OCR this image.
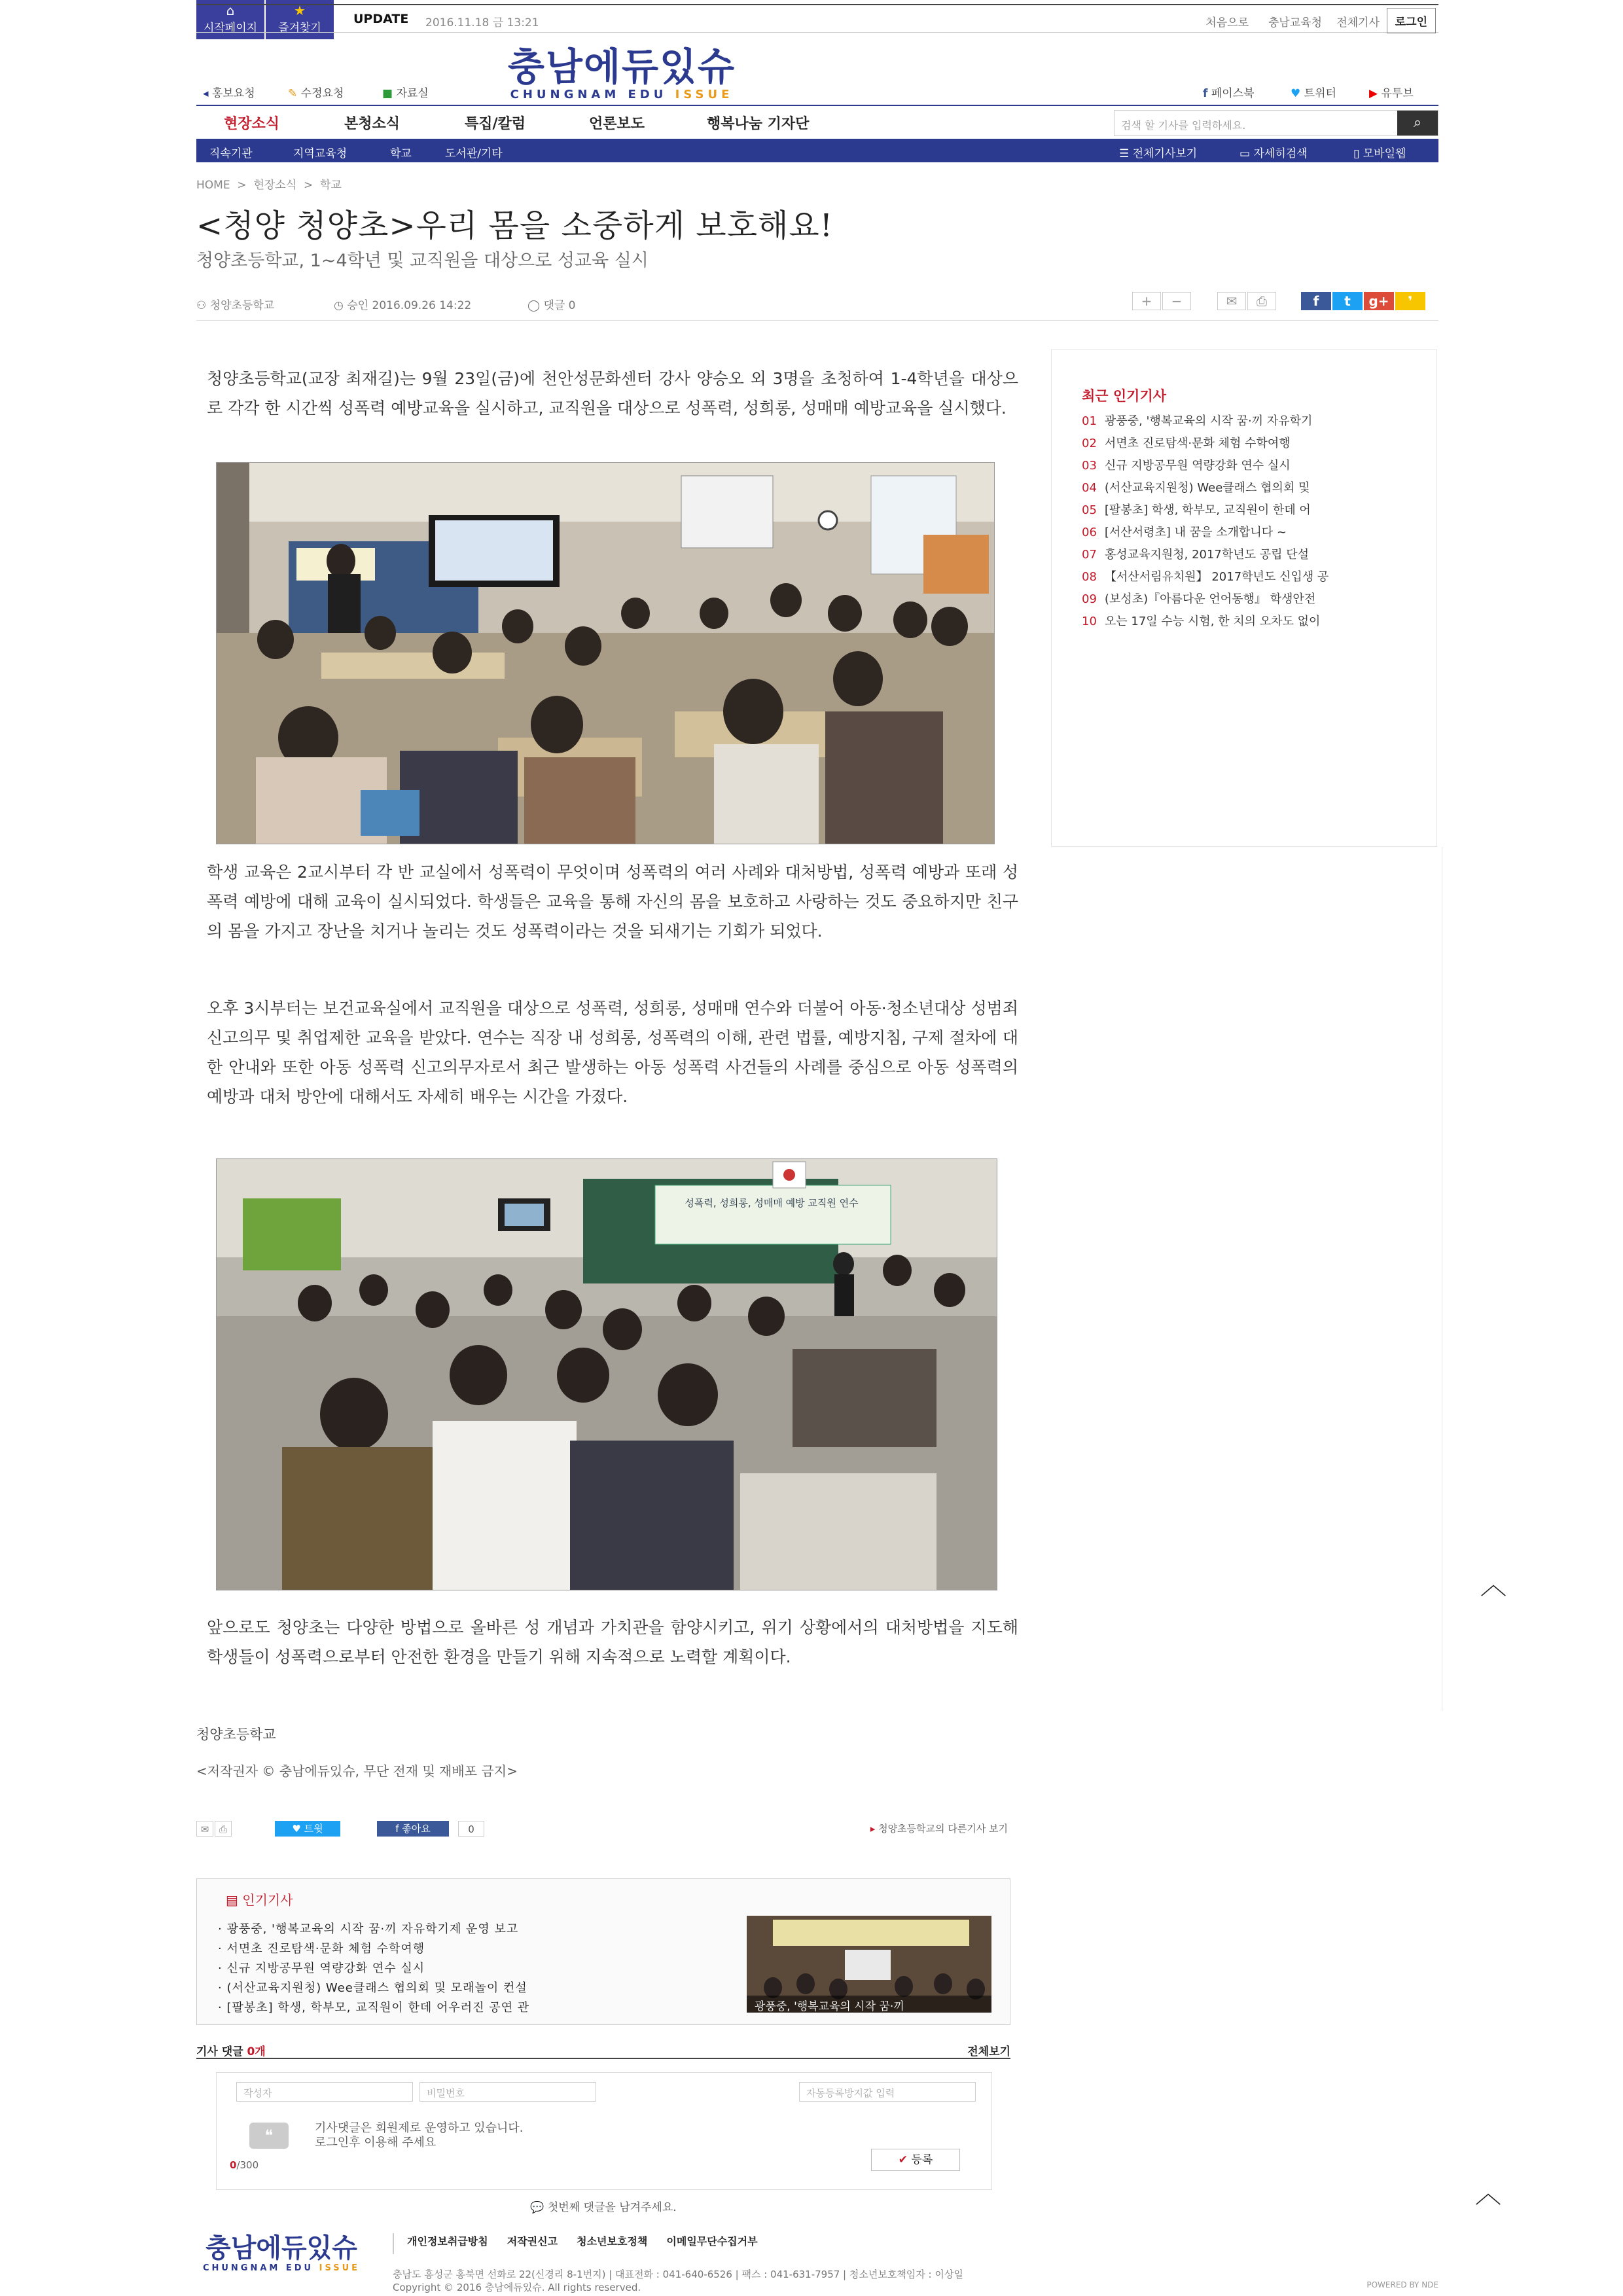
⌂
시작페이지
★
즐겨찾기
UPDATE 2016.11.18 금 13:21	처음으로 충남교육청 전체기사	로그인
충남에듀있슈
CHUNGNAM EDU ISSUE
◂ 홍보요청	✎ 수정요청	■ 자료실	f 페이스북	♥ 트위터	▶ 유투브
현장소식	본청소식	특집/칼럼	언론보도	행복나눔 기자단	검색 할 기사를 입력하세요.	⌕
직속기관	지역교육청	학교	도서관/기타	☰ 전체기사보기	▭ 자세히검색	▯ 모바일웹
HOME  >  현장소식  >  학교
<청양 청양초>우리 몸을 소중하게 보호해요!
청양초등학교, 1~4학년 및 교직원을 대상으로 성교육 실시
⚇ 청양초등학교	◷ 승인 2016.09.26 14:22	◯ 댓글 0	+	−	✉	⎙	f	t	g+	❜

청양초등학교(교장 최재길)는 9월 23일(금)에 천안성문화센터 강사 양승오 외 3명을 초청하여 1-4학년을 대상으로 각각 한 시간씩 성폭력 예방교육을 실시하고, 교직원을 대상으로 성폭력, 성희롱, 성매매 예방교육을 실시했다.

학생 교육은 2교시부터 각 반 교실에서 성폭력이 무엇이며 성폭력의 여러 사례와 대처방법, 성폭력 예방과 또래 성폭력 예방에 대해 교육이 실시되었다. 학생들은 교육을 통해 자신의 몸을 보호하고 사랑하는 것도 중요하지만 친구의 몸을 가지고 장난을 치거나 놀리는 것도 성폭력이라는 것을 되새기는 기회가 되었다.

오후 3시부터는 보건교육실에서 교직원을 대상으로 성폭력, 성희롱, 성매매 연수와 더불어 아동·청소년대상 성범죄 신고의무 및 취업제한 교육을 받았다. 연수는 직장 내 성희롱, 성폭력의 이해, 관련 법률, 예방지침, 구제 절차에 대한 안내와 또한 아동 성폭력 신고의무자로서 최근 발생하는 아동 성폭력 사건들의 사례를 중심으로 아동 성폭력의 예방과 대처 방안에 대해서도 자세히 배우는 시간을 가졌다.

성폭력, 성희롱, 성매매 예방 교직원 연수

앞으로도 청양초는 다양한 방법으로 올바른 성 개념과 가치관을 함양시키고, 위기 상황에서의 대처방법을 지도해 학생들이 성폭력으로부터 안전한 환경을 만들기 위해 지속적으로 노력할 계획이다.

청양초등학교
<저작권자 © 충남에듀있슈, 무단 전재 및 재배포 금지>
✉	⎙	♥ 트윗	f 좋아요	0	▸ 청양초등학교의 다른기사 보기
▤ 인기기사
· 광풍중, '행복교육의 시작 꿈·끼 자유학기제 운영 보고
· 서면초 진로탐색·문화 체험 수학여행
· 신규 지방공무원 역량강화 연수 실시
· (서산교육지원청) Wee클래스 협의회 및 모래놀이 컨설
· [팔봉초] 학생, 학부모, 교직원이 한데 어우러진 공연 관	광풍중, '행복교육의 시작 꿈·끼
기사 댓글 0개	전체보기
작성자	비밀번호	자동등록방지값 입력
❝	기사댓글은 회원제로 운영하고 있습니다.
로그인후 이용해 주세요
0/300	✔ 등록
💬 첫번째 댓글을 남겨주세요.
최근 인기기사
01 광풍중, '행복교육의 시작 꿈·끼 자유학기
02 서면초 진로탐색·문화 체험 수학여행
03 신규 지방공무원 역량강화 연수 실시
04 (서산교육지원청) Wee클래스 협의회 및
05 [팔봉초] 학생, 학부모, 교직원이 한데 어
06 [서산서령초] 내 꿈을 소개합니다 ~
07 홍성교육지원청, 2017학년도 공립 단설
08 【서산서림유치원】 2017학년도 신입생 공
09 (보성초)『아름다운 언어동행』 학생안전
10 오는 17일 수능 시험, 한 치의 오차도 없이
︿
︿
충남에듀있슈
CHUNGNAM EDU ISSUE
개인정보취급방침 저작권신고 청소년보호정책 이메일무단수집거부
충남도 홍성군 홍북면 선화로 22(신경리 8-1번지) | 대표전화 : 041-640-6526 | 팩스 : 041-631-7957 | 청소년보호책임자 : 이상일
Copyright © 2016 충남에듀있슈. All rights reserved.	POWERED BY NDE
